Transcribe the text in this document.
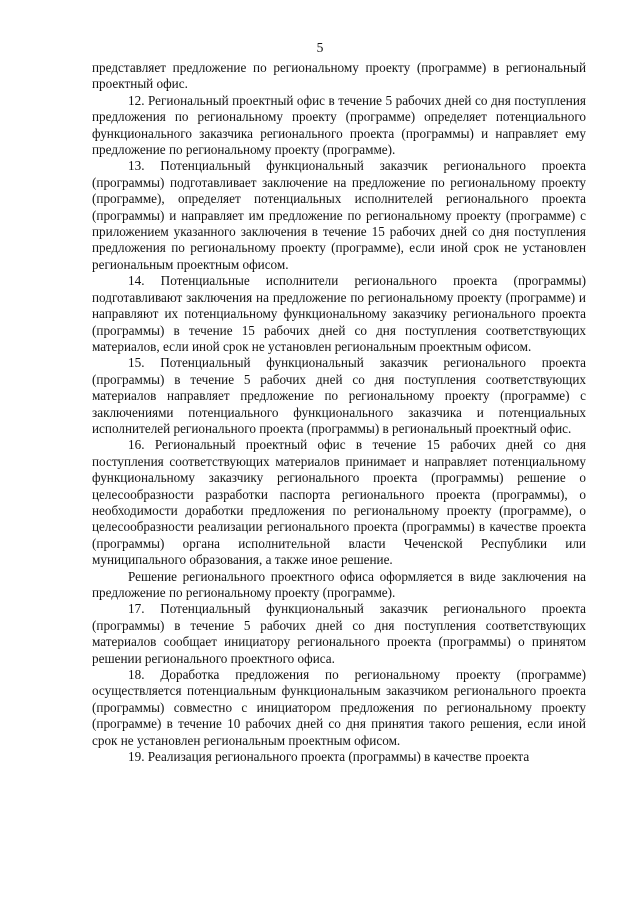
5

представляет предложение по региональному проекту (программе) в региональный проектный офис.

12. Региональный проектный офис в течение 5 рабочих дней со дня поступления предложения по региональному проекту (программе) определяет потенциального функционального заказчика регионального проекта (программы) и направляет ему предложение по региональному проекту (программе).

13. Потенциальный функциональный заказчик регионального проекта (программы) подготавливает заключение на предложение по региональному проекту (программе), определяет потенциальных исполнителей регионального проекта (программы) и направляет им предложение по региональному проекту (программе) с приложением указанного заключения в течение 15 рабочих дней со дня поступления предложения по региональному проекту (программе), если иной срок не установлен региональным проектным офисом.

14. Потенциальные исполнители регионального проекта (программы) подготавливают заключения на предложение по региональному проекту (программе) и направляют их потенциальному функциональному заказчику регионального проекта (программы) в течение 15 рабочих дней со дня поступления соответствующих материалов, если иной срок не установлен региональным проектным офисом.

15. Потенциальный функциональный заказчик регионального проекта (программы) в течение 5 рабочих дней со дня поступления соответствующих материалов направляет предложение по региональному проекту (программе) с заключениями потенциального функционального заказчика и потенциальных исполнителей регионального проекта (программы) в региональный проектный офис.

16. Региональный проектный офис в течение 15 рабочих дней со дня поступления соответствующих материалов принимает и направляет потенциальному функциональному заказчику регионального проекта (программы) решение о целесообразности разработки паспорта регионального проекта (программы), о необходимости доработки предложения по региональному проекту (программе), о целесообразности реализации регионального проекта (программы) в качестве проекта (программы) органа исполнительной власти Чеченской Республики или муниципального образования, а также иное решение.

Решение регионального проектного офиса оформляется в виде заключения на предложение по региональному проекту (программе).

17. Потенциальный функциональный заказчик регионального проекта (программы) в течение 5 рабочих дней со дня поступления соответствующих материалов сообщает инициатору регионального проекта (программы) о принятом решении регионального проектного офиса.

18. Доработка предложения по региональному проекту (программе) осуществляется потенциальным функциональным заказчиком регионального проекта (программы) совместно с инициатором предложения по региональному проекту (программе) в течение 10 рабочих дней со дня принятия такого решения, если иной срок не установлен региональным проектным офисом.

19. Реализация регионального проекта (программы) в качестве проекта
